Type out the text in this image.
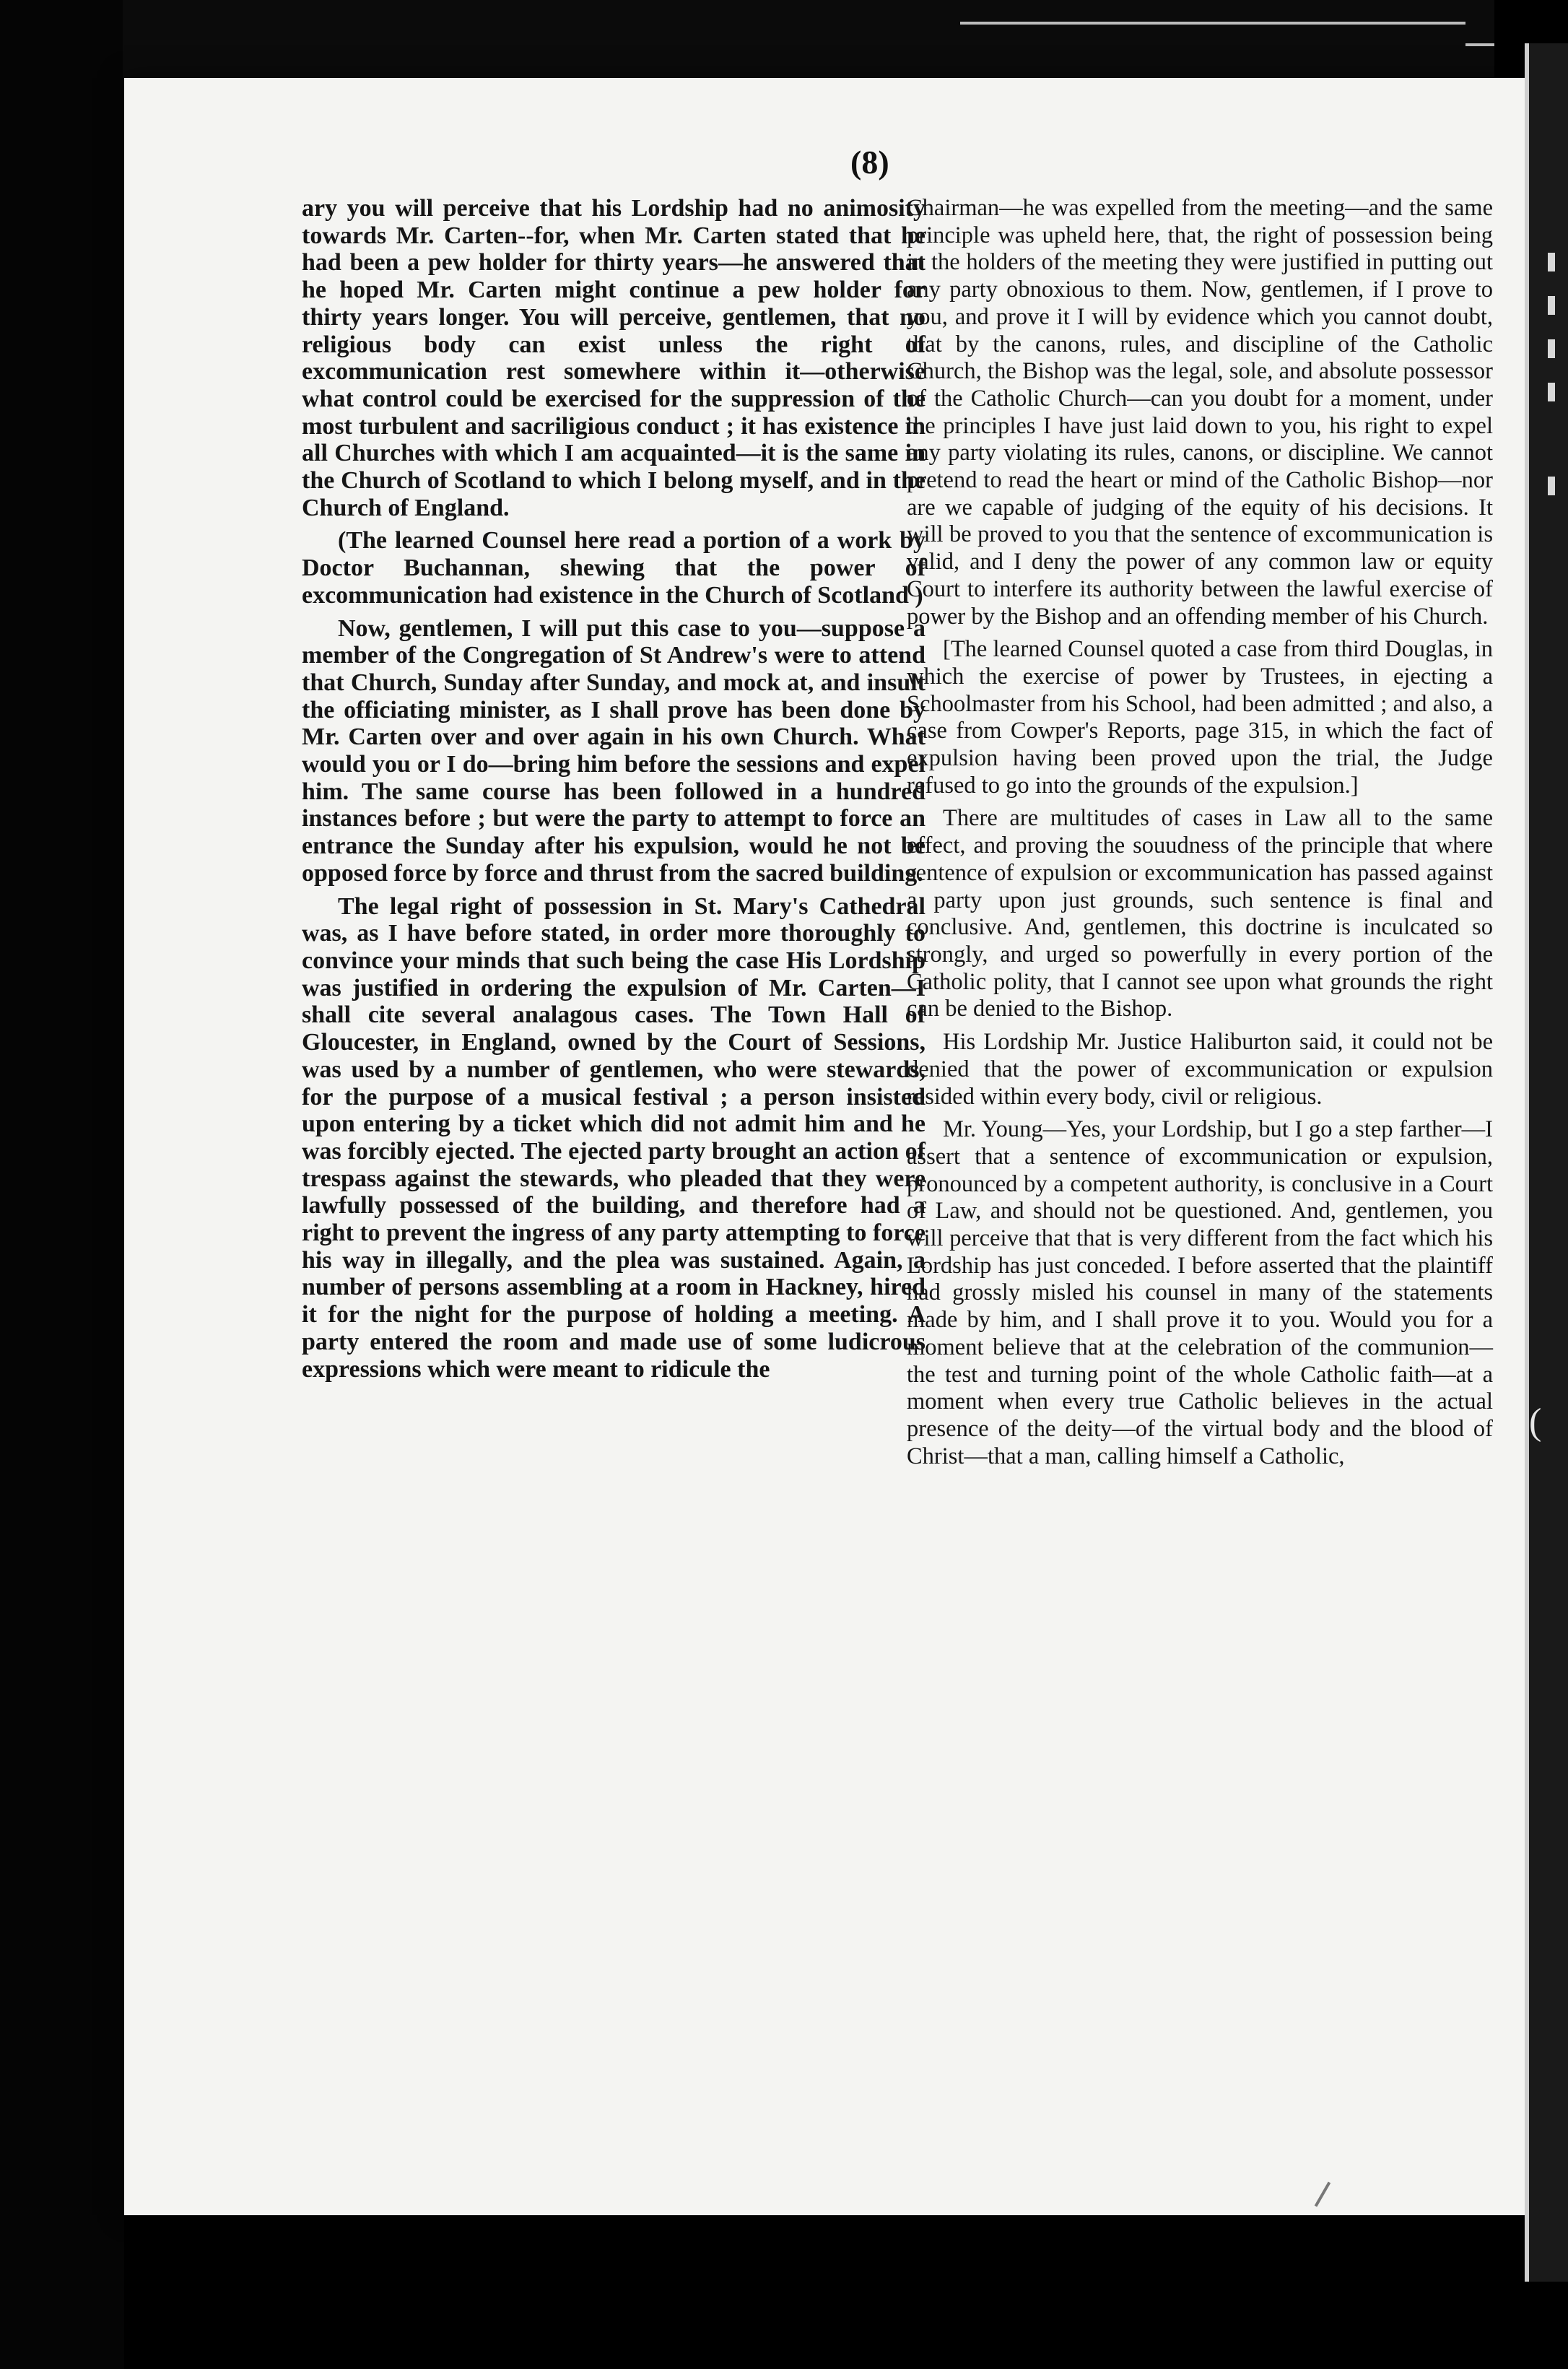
(8)

ary you will perceive that his Lordship had no animosity towards Mr. Carten--for, when Mr. Carten stated that he had been a pew holder for thirty years—he answered that he hoped Mr. Carten might continue a pew holder for thirty years longer. You will perceive, gentlemen, that no religious body can exist unless the right of excommunication rest somewhere within it—otherwise what control could be exercised for the suppression of the most turbulent and sacriligious conduct ; it has existence in all Churches with which I am acquainted—it is the same in the Church of Scotland to which I belong myself, and in the Church of England.

(The learned Counsel here read a portion of a work by Doctor Buchannan, shewing that the power of excommunication had existence in the Church of Scotland )

Now, gentlemen, I will put this case to you—suppose a member of the Congregation of St Andrew's were to attend that Church, Sunday after Sunday, and mock at, and insult the officiating minister, as I shall prove has been done by Mr. Carten over and over again in his own Church. What would you or I do—bring him before the sessions and expel him. The same course has been followed in a hundred instances before ; but were the party to attempt to force an entrance the Sunday after his expulsion, would he not be opposed force by force and thrust from the sacred building.

The legal right of possession in St. Mary's Cathedral was, as I have before stated, in order more thoroughly to convince your minds that such being the case His Lordship was justified in ordering the expulsion of Mr. Carten—I shall cite several analagous cases. The Town Hall of Gloucester, in England, owned by the Court of Sessions, was used by a number of gentlemen, who were stewards, for the purpose of a musical festival ; a person insisted upon entering by a ticket which did not admit him and he was forcibly ejected. The ejected party brought an action of trespass against the stewards, who pleaded that they were lawfully possessed of the building, and therefore had a right to prevent the ingress of any party attempting to force his way in illegally, and the plea was sustained. Again, a number of persons assembling at a room in Hackney, hired it for the night for the purpose of holding a meeting. A party entered the room and made use of some ludicrous expressions which were meant to ridicule the

Chairman—he was expelled from the meeting—and the same principle was upheld here, that, the right of possession being in the holders of the meeting they were justified in putting out any party obnoxious to them. Now, gentlemen, if I prove to you, and prove it I will by evidence which you cannot doubt, that by the canons, rules, and discipline of the Catholic Church, the Bishop was the legal, sole, and absolute possessor of the Catholic Church—can you doubt for a moment, under the principles I have just laid down to you, his right to expel any party violating its rules, canons, or discipline. We cannot pretend to read the heart or mind of the Catholic Bishop—nor are we capable of judging of the equity of his decisions. It will be proved to you that the sentence of excommunication is valid, and I deny the power of any common law or equity Court to interfere its authority between the lawful exercise of power by the Bishop and an offending member of his Church.

[The learned Counsel quoted a case from third Douglas, in which the exercise of power by Trustees, in ejecting a Schoolmaster from his School, had been admitted ; and also, a case from Cowper's Reports, page 315, in which the fact of expulsion having been proved upon the trial, the Judge refused to go into the grounds of the expulsion.]

There are multitudes of cases in Law all to the same effect, and proving the souudness of the principle that where sentence of expulsion or excommunication has passed against a party upon just grounds, such sentence is final and conclusive. And, gentlemen, this doctrine is inculcated so strongly, and urged so powerfully in every portion of the Catholic polity, that I cannot see upon what grounds the right can be denied to the Bishop.

His Lordship Mr. Justice Haliburton said, it could not be denied that the power of excommunication or expulsion resided within every body, civil or religious.

Mr. Young—Yes, your Lordship, but I go a step farther—I assert that a sentence of excommunication or expulsion, pronounced by a competent authority, is conclusive in a Court of Law, and should not be questioned. And, gentlemen, you will perceive that that is very different from the fact which his Lordship has just conceded. I before asserted that the plaintiff had grossly misled his counsel in many of the statements made by him, and I shall prove it to you. Would you for a moment believe that at the celebration of the communion—the test and turning point of the whole Catholic faith—at a moment when every true Catholic believes in the actual presence of the deity—of the virtual body and the blood of Christ—that a man, calling himself a Catholic,

(
